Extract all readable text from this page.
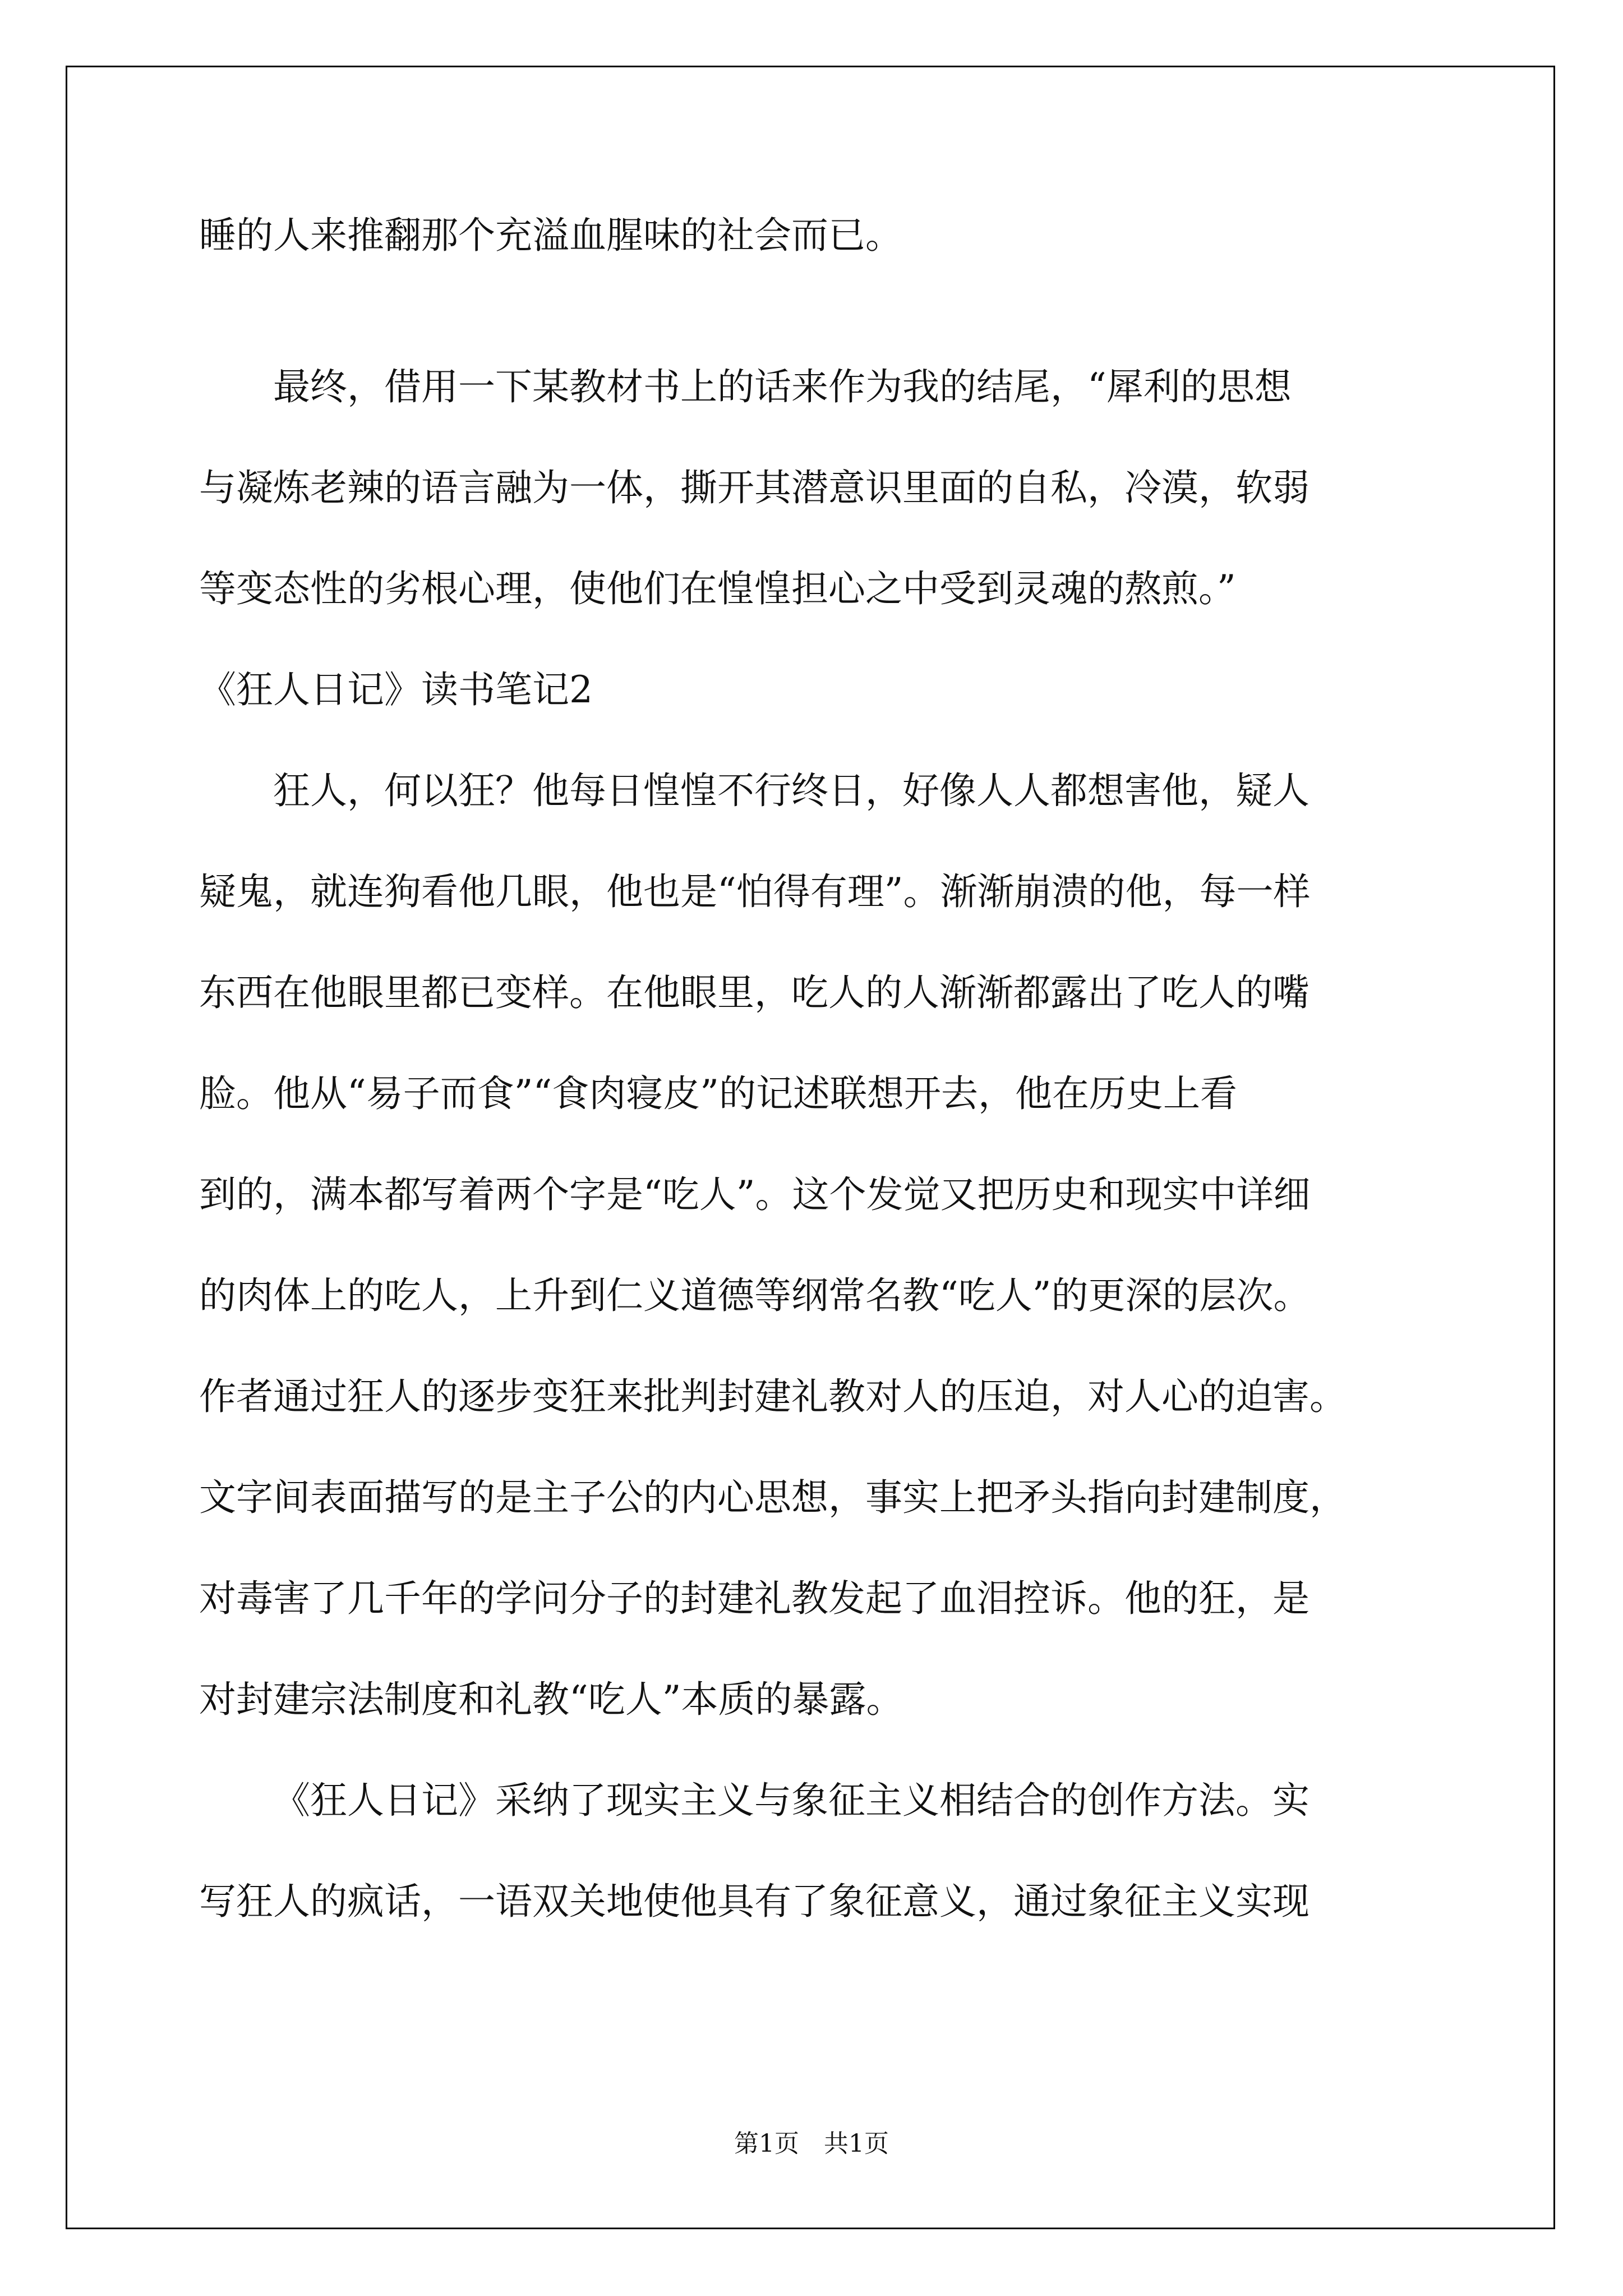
睡的人来推翻那个充溢血腥味的社会而已。
最终，借用一下某教材书上的话来作为我的结尾，“犀利的思想
与凝炼老辣的语言融为一体，撕开其潜意识里面的自私，冷漠，软弱
等变态性的劣根心理，使他们在惶惶担心之中受到灵魂的熬煎。”
《狂人日记》读书笔记2
狂人，何以狂？他每日惶惶不行终日，好像人人都想害他，疑人
疑鬼，就连狗看他几眼，他也是“怕得有理”。渐渐崩溃的他，每一样
东西在他眼里都已变样。在他眼里，吃人的人渐渐都露出了吃人的嘴
脸。他从“易子而食”“食肉寝皮”的记述联想开去，他在历史上看
到的，满本都写着两个字是“吃人”。这个发觉又把历史和现实中详细
的肉体上的吃人，上升到仁义道德等纲常名教“吃人”的更深的层次。
作者通过狂人的逐步变狂来批判封建礼教对人的压迫，对人心的迫害。
文字间表面描写的是主子公的内心思想，事实上把矛头指向封建制度，
对毒害了几千年的学问分子的封建礼教发起了血泪控诉。他的狂，是
对封建宗法制度和礼教“吃人”本质的暴露。
《狂人日记》采纳了现实主义与象征主义相结合的创作方法。实
写狂人的疯话，一语双关地使他具有了象征意义，通过象征主义实现
第1页　共1页
